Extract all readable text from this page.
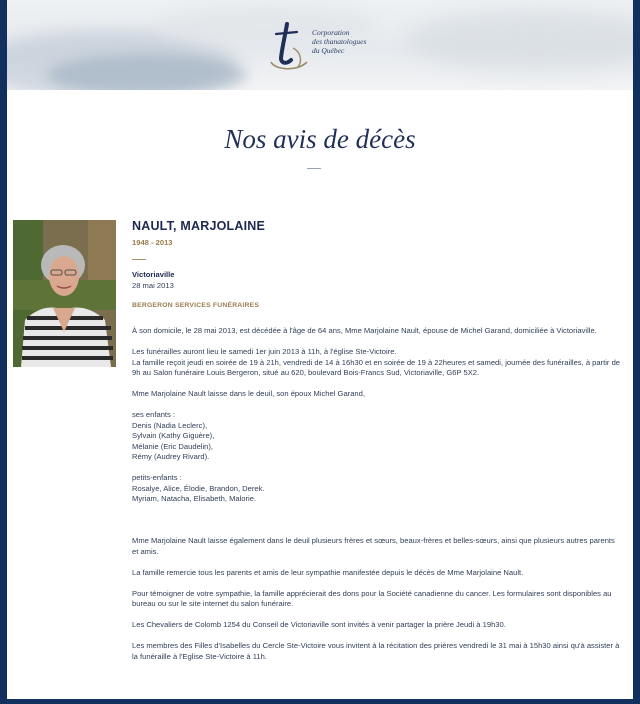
Corporation
des thanatologues
du Québec
Nos avis de décès
NAULT, MARJOLAINE
1948 - 2013
Victoriaville
28 mai 2013
BERGERON SERVICES FUNÉRAIRES

À son domicile, le 28 mai 2013, est décédée à l'âge de 64 ans, Mme Marjolaine Nault, épouse de Michel Garand, domiciliée à Victoriaville.

Les funérailles auront lieu le samedi 1er juin 2013 à 11h, à l'église Ste-Victoire.

La famille reçoit jeudi en soirée de 19 à 21h, vendredi de 14 à 16h30 et en soirée de 19 à 22heures et samedi, journée des funérailles, à partir de 9h au Salon funéraire Louis Bergeron, situé au 620, boulevard Bois-Francs Sud, Victoriaville, G6P 5X2.

Mme Marjolaine Nault laisse dans le deuil, son époux Michel Garand,

ses enfants :

Denis (Nadia Leclerc),

Sylvain (Kathy Giguère),

Mélanie (Eric Daudelin),

Rémy (Audrey Rivard).

petits-enfants :

Rosalye, Alice, Élodie, Brandon, Derek.

Myriam, Natacha, Elisabeth, Malorie.

Mme Marjolaine Nault laisse également dans le deuil plusieurs frères et sœurs, beaux-frères et belles-sœurs, ainsi que plusieurs autres parents et amis.

La famille remercie tous les parents et amis de leur sympathie manifestée depuis le décès de Mme Marjolaine Nault.

Pour témoigner de votre sympathie, la famille apprécierait des dons pour la Société canadienne du cancer. Les formulaires sont disponibles au bureau ou sur le site internet du salon funéraire.

Les Chevaliers de Colomb 1254 du Conseil de Victoriaville sont invités à venir partager la prière Jeudi à 19h30.

Les membres des Filles d'Isabelles du Cercle Ste-Victoire vous invitent à la récitation des prières vendredi le 31 mai à 15h30 ainsi qu'à assister à la funéraille à l'Eglise Ste-Victoire à 11h.
